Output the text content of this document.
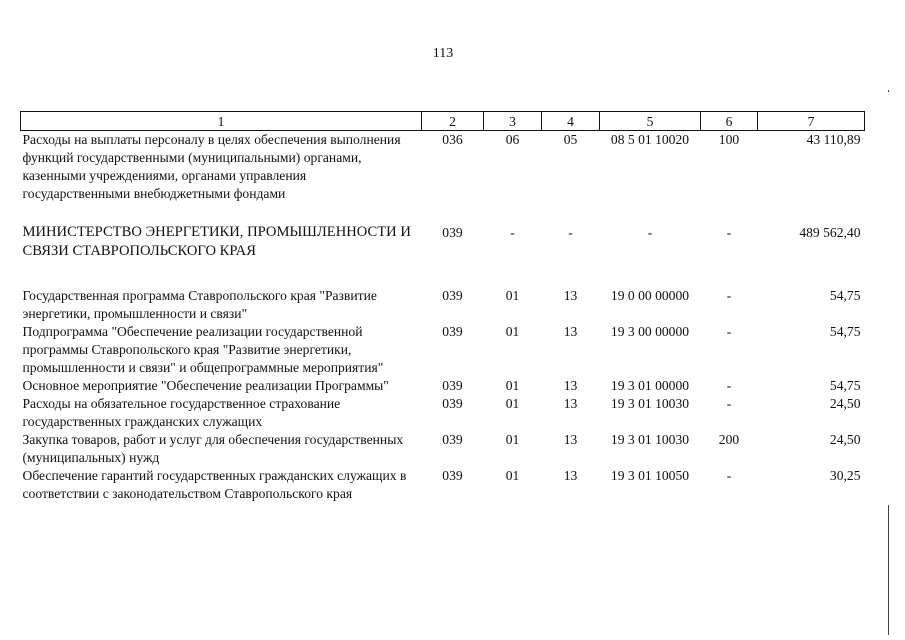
113
1	2	3	4	5	6	7
Расходы на выплаты персоналу в целях обеспечения выполнения функций государственными (муниципальными) органами, казенными учреждениями, органами управления государственными внебюджетными фондами	036	06	05	08 5 01 10020	100	43 110,89
МИНИСТЕРСТВО ЭНЕРГЕТИКИ, ПРОМЫШЛЕННОСТИ И СВЯЗИ СТАВРОПОЛЬСКОГО КРАЯ	039	-	-	-	-	489 562,40
Государственная программа Ставропольского края "Развитие энергетики, промышленности и связи"	039	01	13	19 0 00 00000	-	54,75
Подпрограмма "Обеспечение реализации государственной программы Ставропольского края "Развитие энергетики, промышленности и связи" и общепрограммные мероприятия"	039	01	13	19 3 00 00000	-	54,75
Основное мероприятие "Обеспечение реализации Программы"	039	01	13	19 3 01 00000	-	54,75
Расходы на обязательное государственное страхование государственных гражданских служащих	039	01	13	19 3 01 10030	-	24,50
Закупка товаров, работ и услуг для обеспечения государственных (муниципальных) нужд	039	01	13	19 3 01 10030	200	24,50
Обеспечение гарантий государственных гражданских служащих в соответствии с законодательством Ставропольского края	039	01	13	19 3 01 10050	-	30,25
